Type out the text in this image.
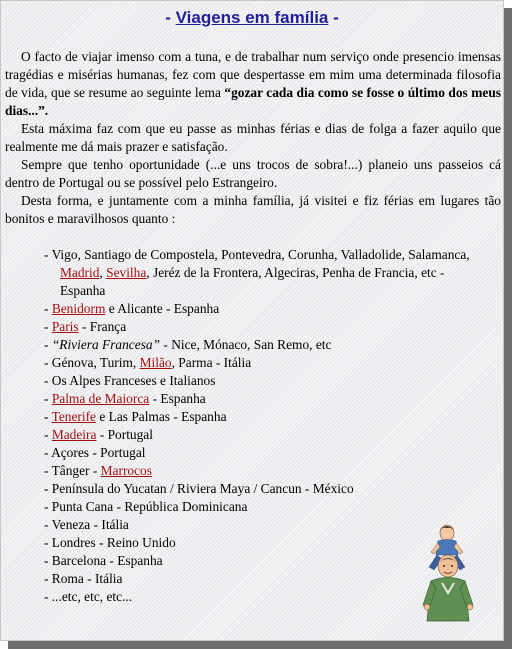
- Viagens em família -

O facto de viajar imenso com a tuna, e de trabalhar num serviço onde presencio imensas tragédias e misérias humanas, fez com que despertasse em mim uma determinada filosofia de vida, que se resume ao seguinte lema “gozar cada dia como se fosse o último dos meus dias...”.

Esta máxima faz com que eu passe as minhas férias e dias de folga a fazer aquilo que realmente me dá mais prazer e satisfação.

Sempre que tenho oportunidade (...e uns trocos de sobra!...) planeio uns passeios cá dentro de Portugal ou se possível pelo Estrangeiro.

Desta forma, e juntamente com a minha família, já visitei e fiz férias em lugares tão bonitos e maravilhosos quanto :

- Vigo, Santiago de Compostela, Pontevedra, Corunha, Valladolide, Salamanca, Madrid, Sevilha, Jeréz de la Frontera, Algeciras, Penha de Francia, etc - Espanha
- Benidorm e Alicante - Espanha
- Paris - França
- “Riviera Francesa” - Nice, Mónaco, San Remo, etc
- Génova, Turim, Milão, Parma - Itália
- Os Alpes Franceses e Italianos
- Palma de Maiorca - Espanha
- Tenerife e Las Palmas - Espanha
- Madeira - Portugal
- Açores - Portugal
- Tânger - Marrocos
- Península do Yucatan / Riviera Maya / Cancun - México
- Punta Cana - República Dominicana
- Veneza - Itália
- Londres - Reino Unido
- Barcelona - Espanha
- Roma - Itália
- ...etc, etc, etc...
